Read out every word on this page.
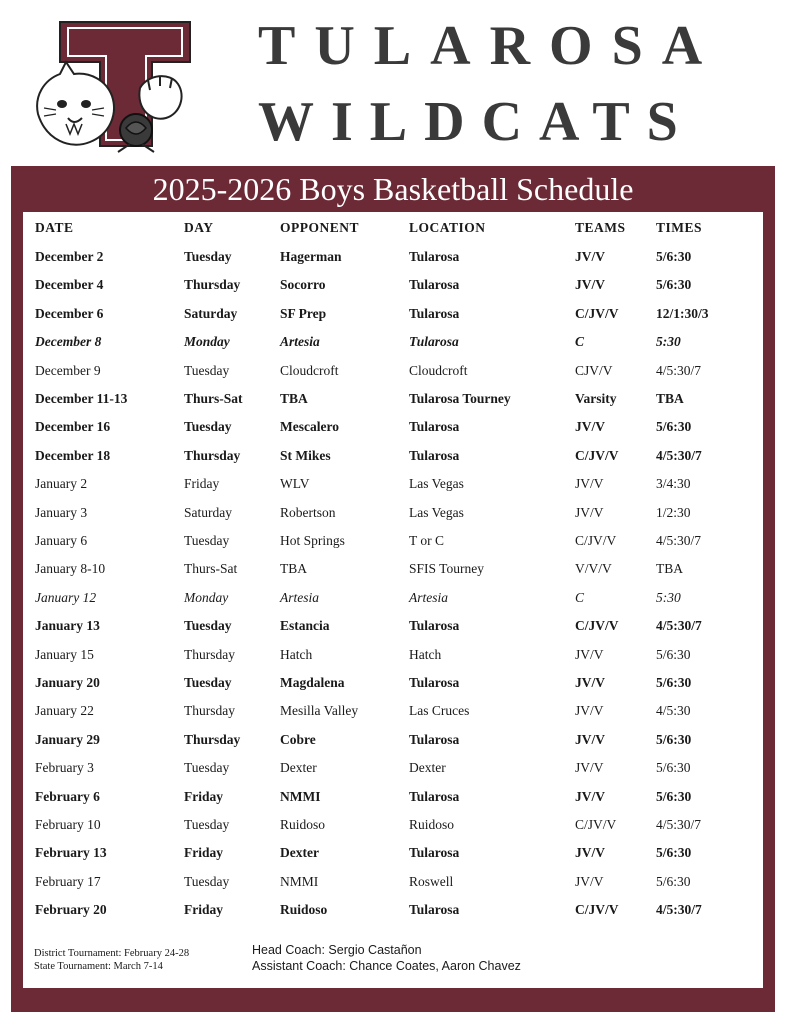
TULAROSA
WILDCATS
2025-2026 Boys Basketball Schedule
DATE	DAY	OPPONENT	LOCATION	TEAMS TIMES
December 2	Tuesday	Hagerman	Tularosa	JV/V	5/6:30
December 4	Thursday	Socorro	Tularosa	JV/V	5/6:30
December 6	Saturday	SF Prep	Tularosa	C/JV/V	12/1:30/3
December 8	Monday	Artesia	Tularosa	C	5:30
December 9	Tuesday	Cloudcroft	Cloudcroft	CJV/V	4/5:30/7
December 11-13	Thurs-Sat	TBA	Tularosa Tourney	Varsity	TBA
December 16	Tuesday	Mescalero	Tularosa	JV/V	5/6:30
December 18	Thursday	St Mikes	Tularosa	C/JV/V	4/5:30/7
January 2	Friday	WLV	Las Vegas	JV/V	3/4:30
January 3	Saturday	Robertson	Las Vegas	JV/V	1/2:30
January 6	Tuesday	Hot Springs	T or C	C/JV/V	4/5:30/7
January 8-10	Thurs-Sat	TBA	SFIS Tourney	V/V/V	TBA
January 12	Monday	Artesia	Artesia	C	5:30
January 13	Tuesday	Estancia	Tularosa	C/JV/V	4/5:30/7
January 15	Thursday	Hatch	Hatch	JV/V	5/6:30
January 20	Tuesday	Magdalena	Tularosa	JV/V	5/6:30
January 22	Thursday	Mesilla Valley	Las Cruces	JV/V	4/5:30
January 29	Thursday	Cobre	Tularosa	JV/V	5/6:30
February 3	Tuesday	Dexter	Dexter	JV/V	5/6:30
February 6	Friday	NMMI	Tularosa	JV/V	5/6:30
February 10	Tuesday	Ruidoso	Ruidoso	C/JV/V	4/5:30/7
February 13	Friday	Dexter	Tularosa	JV/V	5/6:30
February 17	Tuesday	NMMI	Roswell	JV/V	5/6:30
February 20	Friday	Ruidoso	Tularosa	C/JV/V	4/5:30/7
District Tournament: February 24-28
State Tournament: March 7-14
Head Coach: Sergio Castañon
Assistant Coach: Chance Coates, Aaron Chavez
